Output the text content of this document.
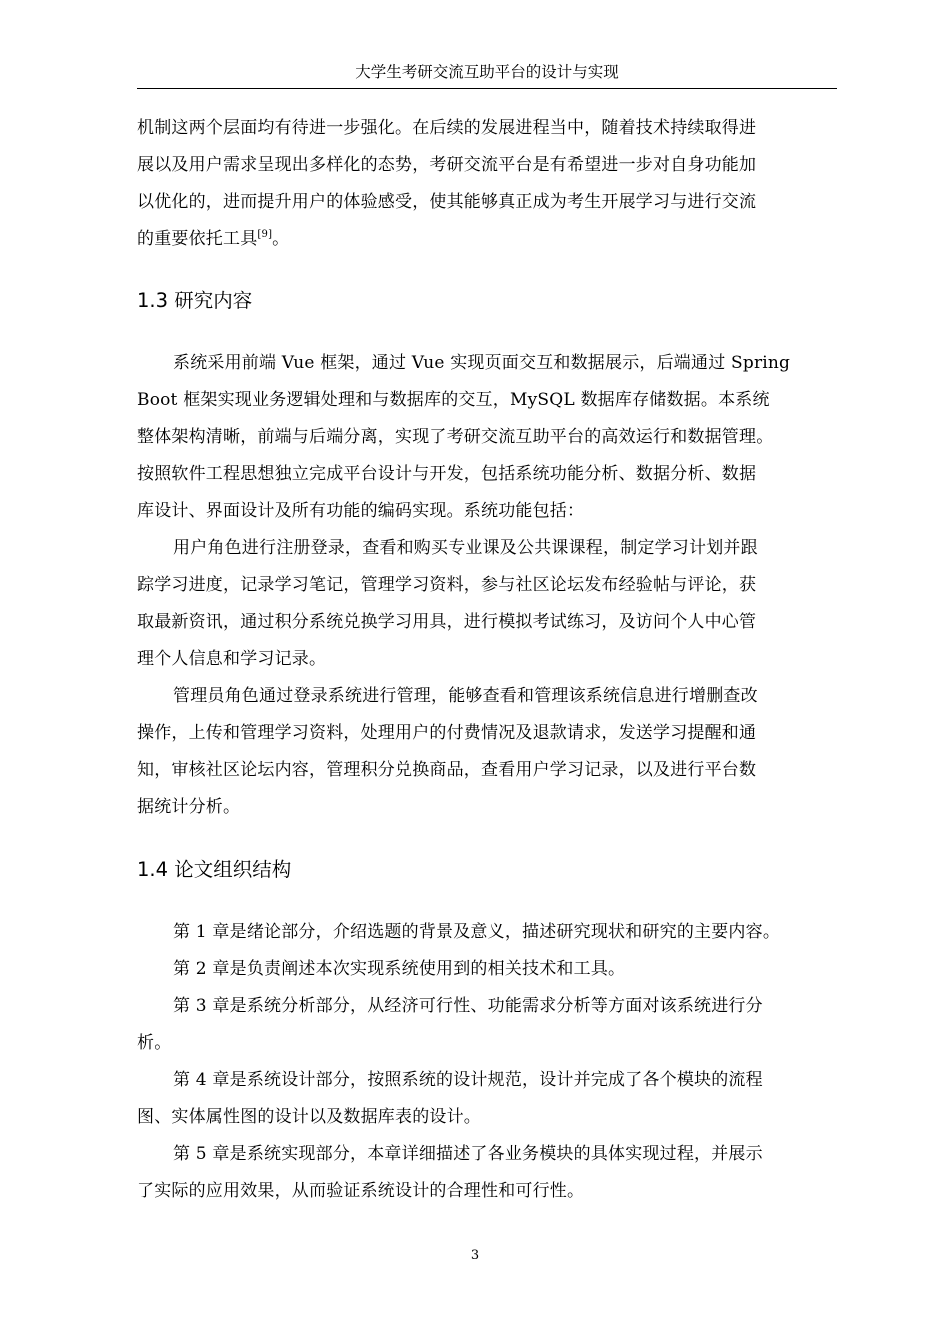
大学生考研交流互助平台的设计与实现
机制这两个层面均有待进一步强化。在后续的发展进程当中，随着技术持续取得进
展以及用户需求呈现出多样化的态势，考研交流平台是有希望进一步对自身功能加
以优化的，进而提升用户的体验感受，使其能够真正成为考生开展学习与进行交流
的重要依托工具[9]。
1.3 研究内容
系统采用前端 Vue 框架，通过 Vue 实现页面交互和数据展示，后端通过 Spring
Boot 框架实现业务逻辑处理和与数据库的交互，MySQL 数据库存储数据。本系统
整体架构清晰，前端与后端分离，实现了考研交流互助平台的高效运行和数据管理。
按照软件工程思想独立完成平台设计与开发，包括系统功能分析、数据分析、数据
库设计、界面设计及所有功能的编码实现。系统功能包括：
用户角色进行注册登录，查看和购买专业课及公共课课程，制定学习计划并跟
踪学习进度，记录学习笔记，管理学习资料，参与社区论坛发布经验帖与评论，获
取最新资讯，通过积分系统兑换学习用具，进行模拟考试练习，及访问个人中心管
理个人信息和学习记录。
管理员角色通过登录系统进行管理，能够查看和管理该系统信息进行增删查改
操作，上传和管理学习资料，处理用户的付费情况及退款请求，发送学习提醒和通
知，审核社区论坛内容，管理积分兑换商品，查看用户学习记录，以及进行平台数
据统计分析。
1.4 论文组织结构
第 1 章是绪论部分，介绍选题的背景及意义，描述研究现状和研究的主要内容。
第 2 章是负责阐述本次实现系统使用到的相关技术和工具。
第 3 章是系统分析部分，从经济可行性、功能需求分析等方面对该系统进行分
析。
第 4 章是系统设计部分，按照系统的设计规范，设计并完成了各个模块的流程
图、实体属性图的设计以及数据库表的设计。
第 5 章是系统实现部分，本章详细描述了各业务模块的具体实现过程，并展示
了实际的应用效果，从而验证系统设计的合理性和可行性。
3
